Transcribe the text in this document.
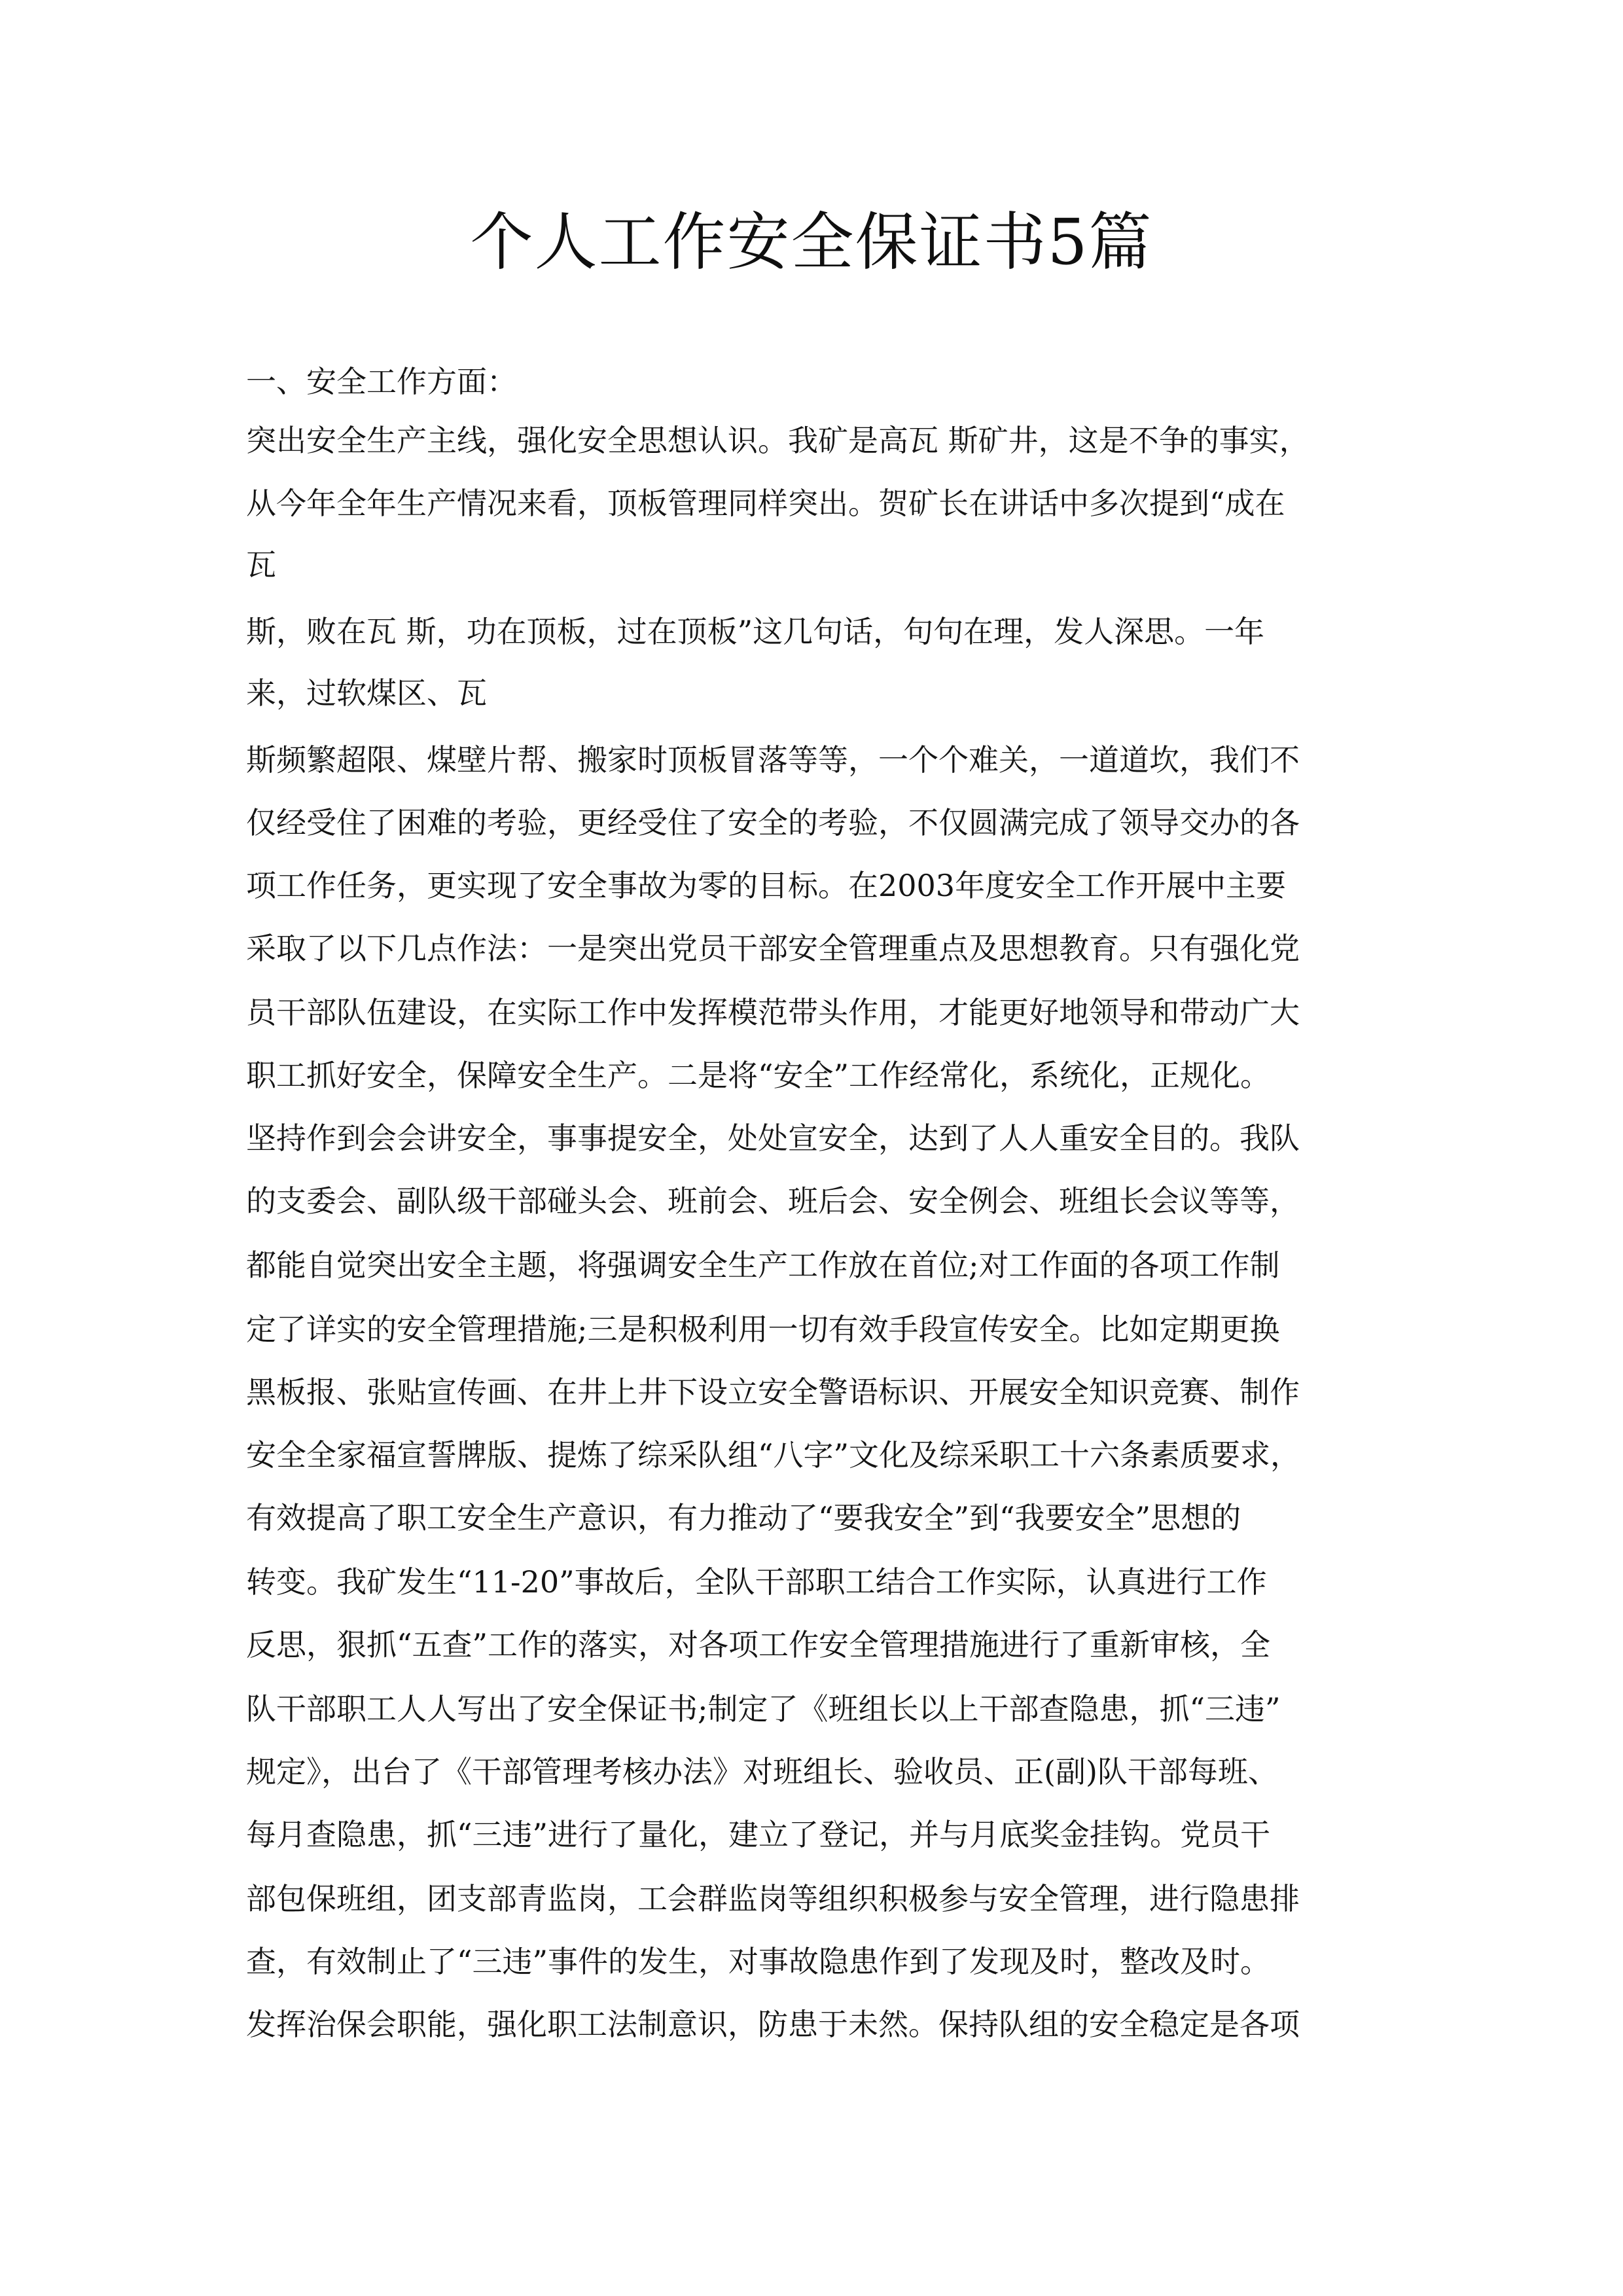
个人工作安全保证书5篇
一、安全工作方面：
突出安全生产主线，强化安全思想认识。我矿是高瓦 斯矿井，这是不争的事实，
从今年全年生产情况来看，顶板管理同样突出。贺矿长在讲话中多次提到“成在
瓦
斯，败在瓦 斯，功在顶板，过在顶板”这几句话，句句在理，发人深思。一年
来，过软煤区、瓦
斯频繁超限、煤壁片帮、搬家时顶板冒落等等，一个个难关，一道道坎，我们不
仅经受住了困难的考验，更经受住了安全的考验，不仅圆满完成了领导交办的各
项工作任务，更实现了安全事故为零的目标。在2003年度安全工作开展中主要
采取了以下几点作法：一是突出党员干部安全管理重点及思想教育。只有强化党
员干部队伍建设，在实际工作中发挥模范带头作用，才能更好地领导和带动广大
职工抓好安全，保障安全生产。二是将“安全”工作经常化，系统化，正规化。
坚持作到会会讲安全，事事提安全，处处宣安全，达到了人人重安全目的。我队
的支委会、副队级干部碰头会、班前会、班后会、安全例会、班组长会议等等，
都能自觉突出安全主题，将强调安全生产工作放在首位;对工作面的各项工作制
定了详实的安全管理措施;三是积极利用一切有效手段宣传安全。比如定期更换
黑板报、张贴宣传画、在井上井下设立安全警语标识、开展安全知识竞赛、制作
安全全家福宣誓牌版、提炼了综采队组“八字”文化及综采职工十六条素质要求，
有效提高了职工安全生产意识，有力推动了“要我安全”到“我要安全”思想的
转变。我矿发生“11-20”事故后，全队干部职工结合工作实际，认真进行工作
反思，狠抓“五查”工作的落实，对各项工作安全管理措施进行了重新审核，全
队干部职工人人写出了安全保证书;制定了《班组长以上干部查隐患，抓“三违”
规定》，出台了《干部管理考核办法》对班组长、验收员、正(副)队干部每班、
每月查隐患，抓“三违”进行了量化，建立了登记，并与月底奖金挂钩。党员干
部包保班组，团支部青监岗，工会群监岗等组织积极参与安全管理，进行隐患排
查，有效制止了“三违”事件的发生，对事故隐患作到了发现及时，整改及时。
发挥治保会职能，强化职工法制意识，防患于未然。保持队组的安全稳定是各项
